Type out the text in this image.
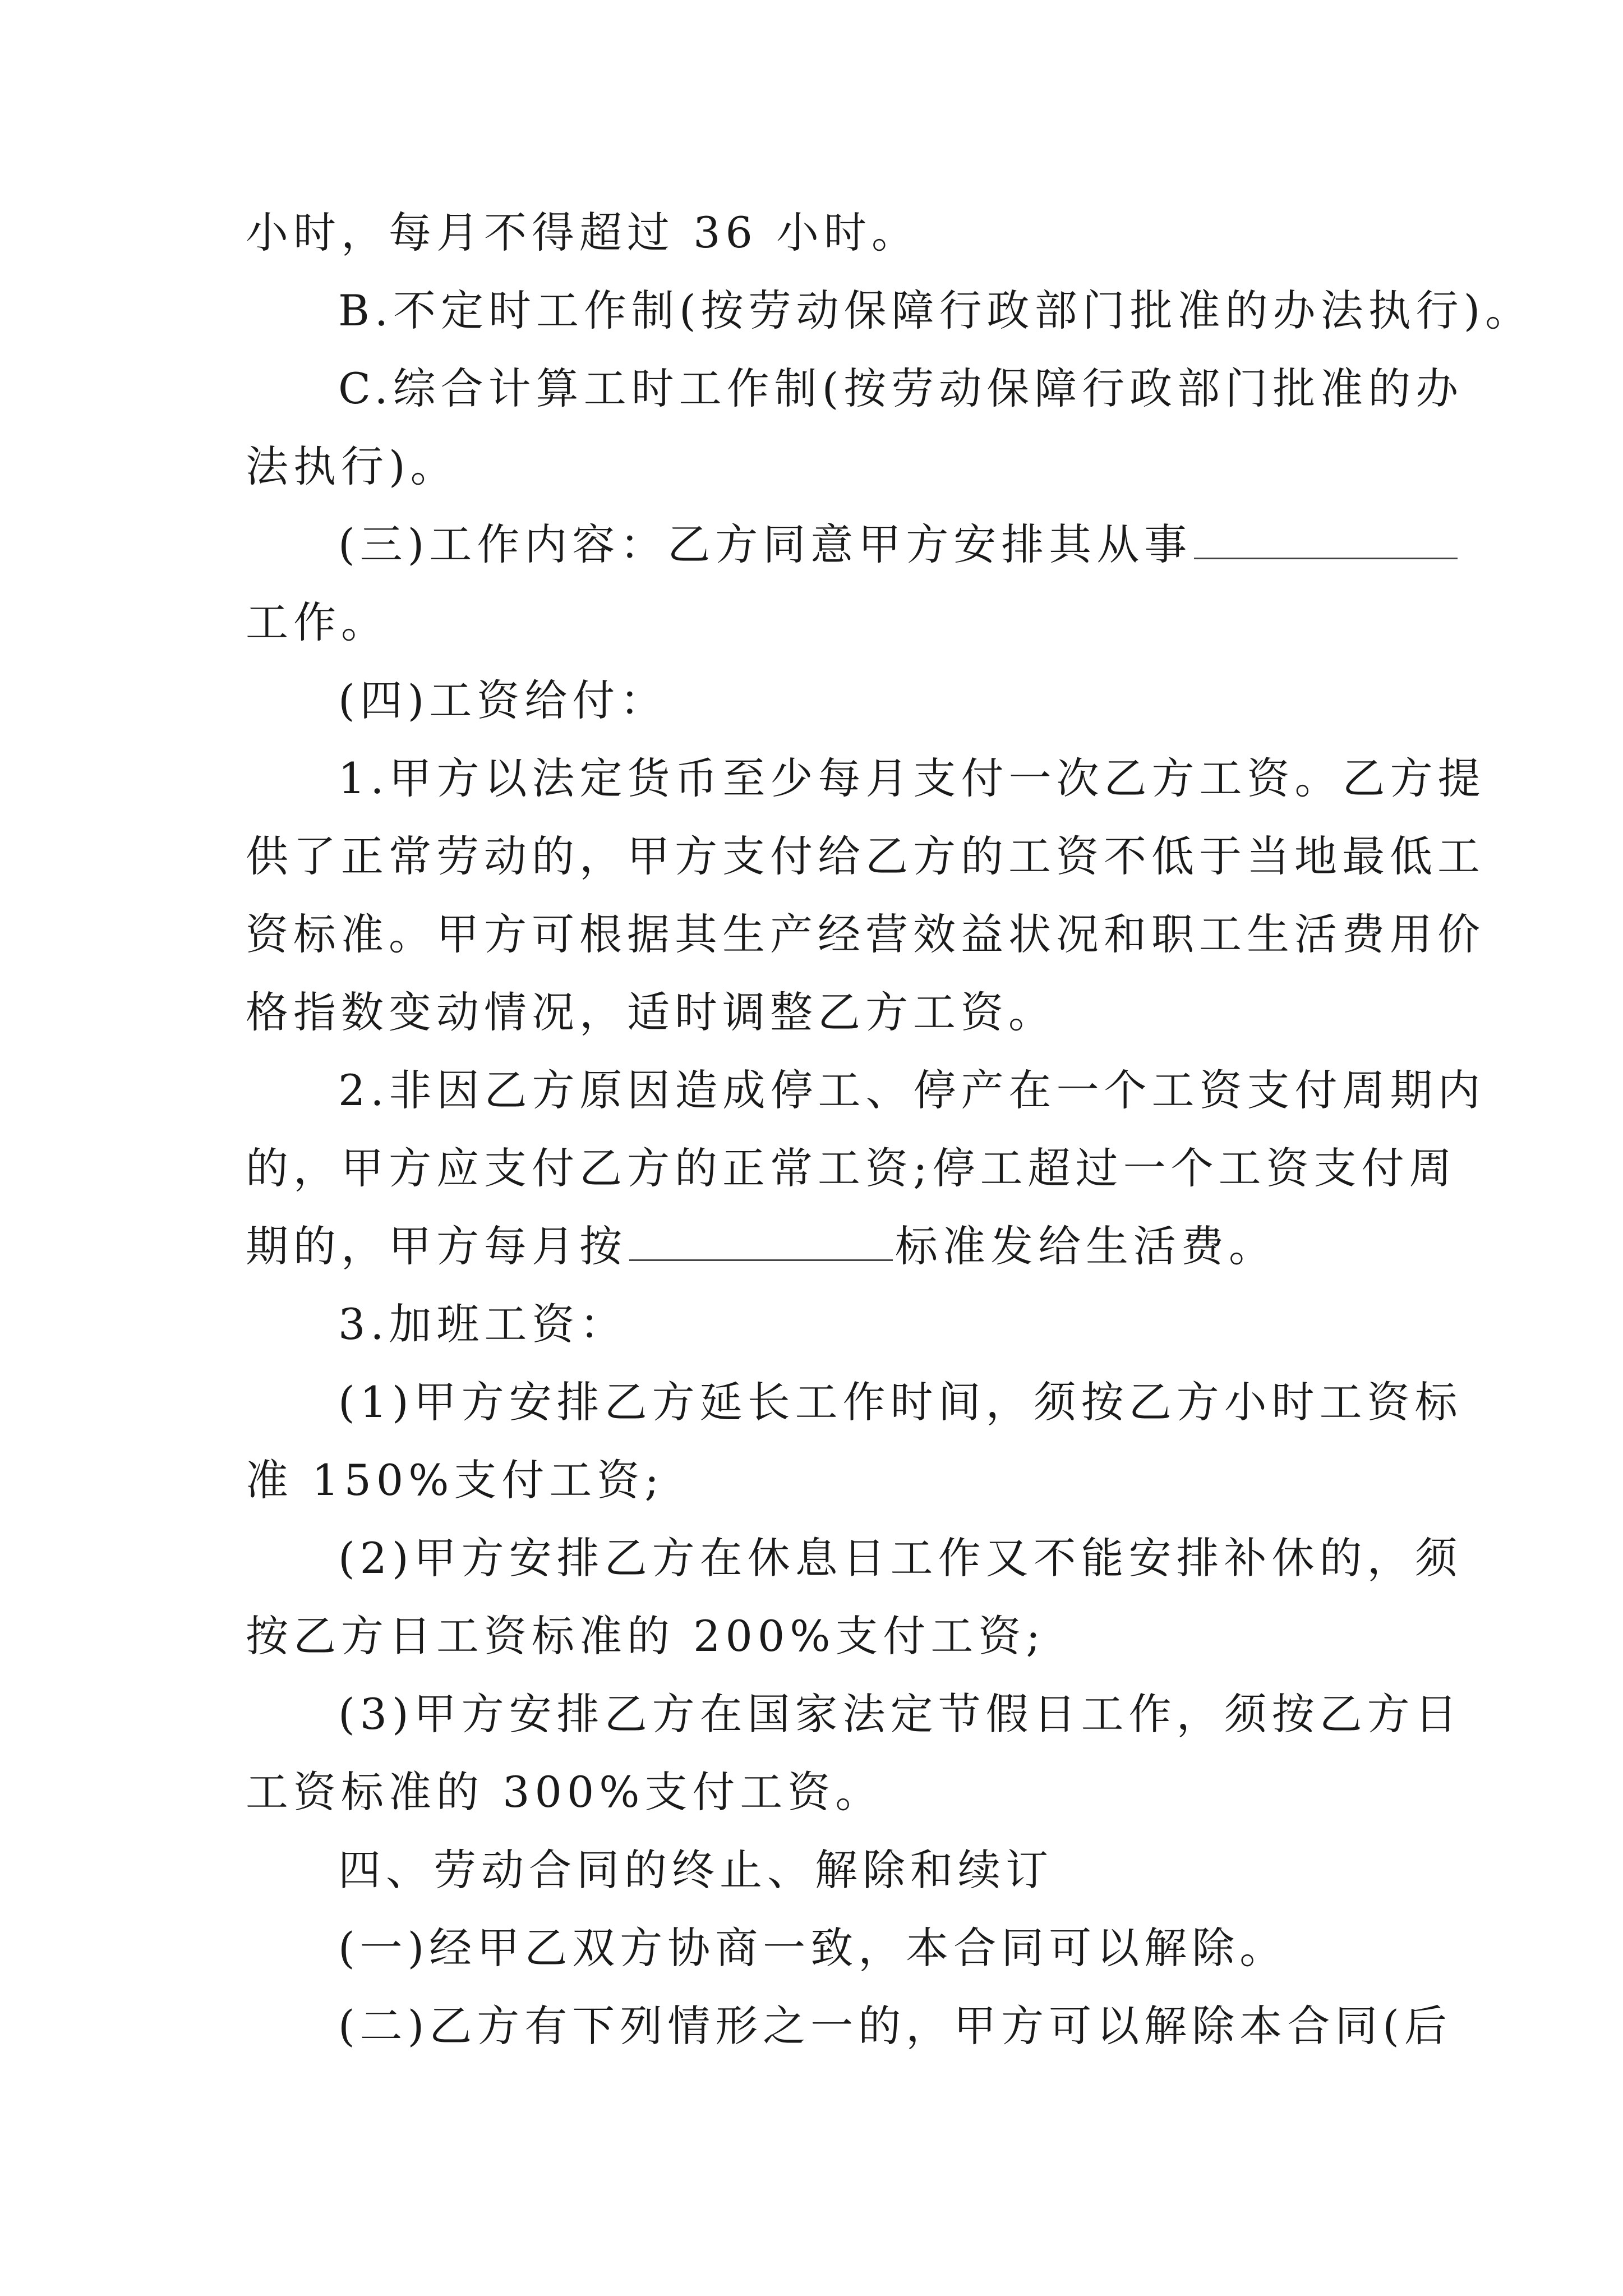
小时，每月不得超过 36 小时。
B.不定时工作制(按劳动保障行政部门批准的办法执行)。
C.综合计算工时工作制(按劳动保障行政部门批准的办
法执行)。
(三)工作内容：乙方同意甲方安排其从事
工作。
(四)工资给付：
1.甲方以法定货币至少每月支付一次乙方工资。乙方提
供了正常劳动的，甲方支付给乙方的工资不低于当地最低工
资标准。甲方可根据其生产经营效益状况和职工生活费用价
格指数变动情况，适时调整乙方工资。
2.非因乙方原因造成停工、停产在一个工资支付周期内
的，甲方应支付乙方的正常工资;停工超过一个工资支付周
期的，甲方每月按	标准发给生活费。
3.加班工资：
(1)甲方安排乙方延长工作时间，须按乙方小时工资标
准 150%支付工资;
(2)甲方安排乙方在休息日工作又不能安排补休的，须
按乙方日工资标准的 200%支付工资;
(3)甲方安排乙方在国家法定节假日工作，须按乙方日
工资标准的 300%支付工资。
四、劳动合同的终止、解除和续订
(一)经甲乙双方协商一致，本合同可以解除。
(二)乙方有下列情形之一的，甲方可以解除本合同(后
